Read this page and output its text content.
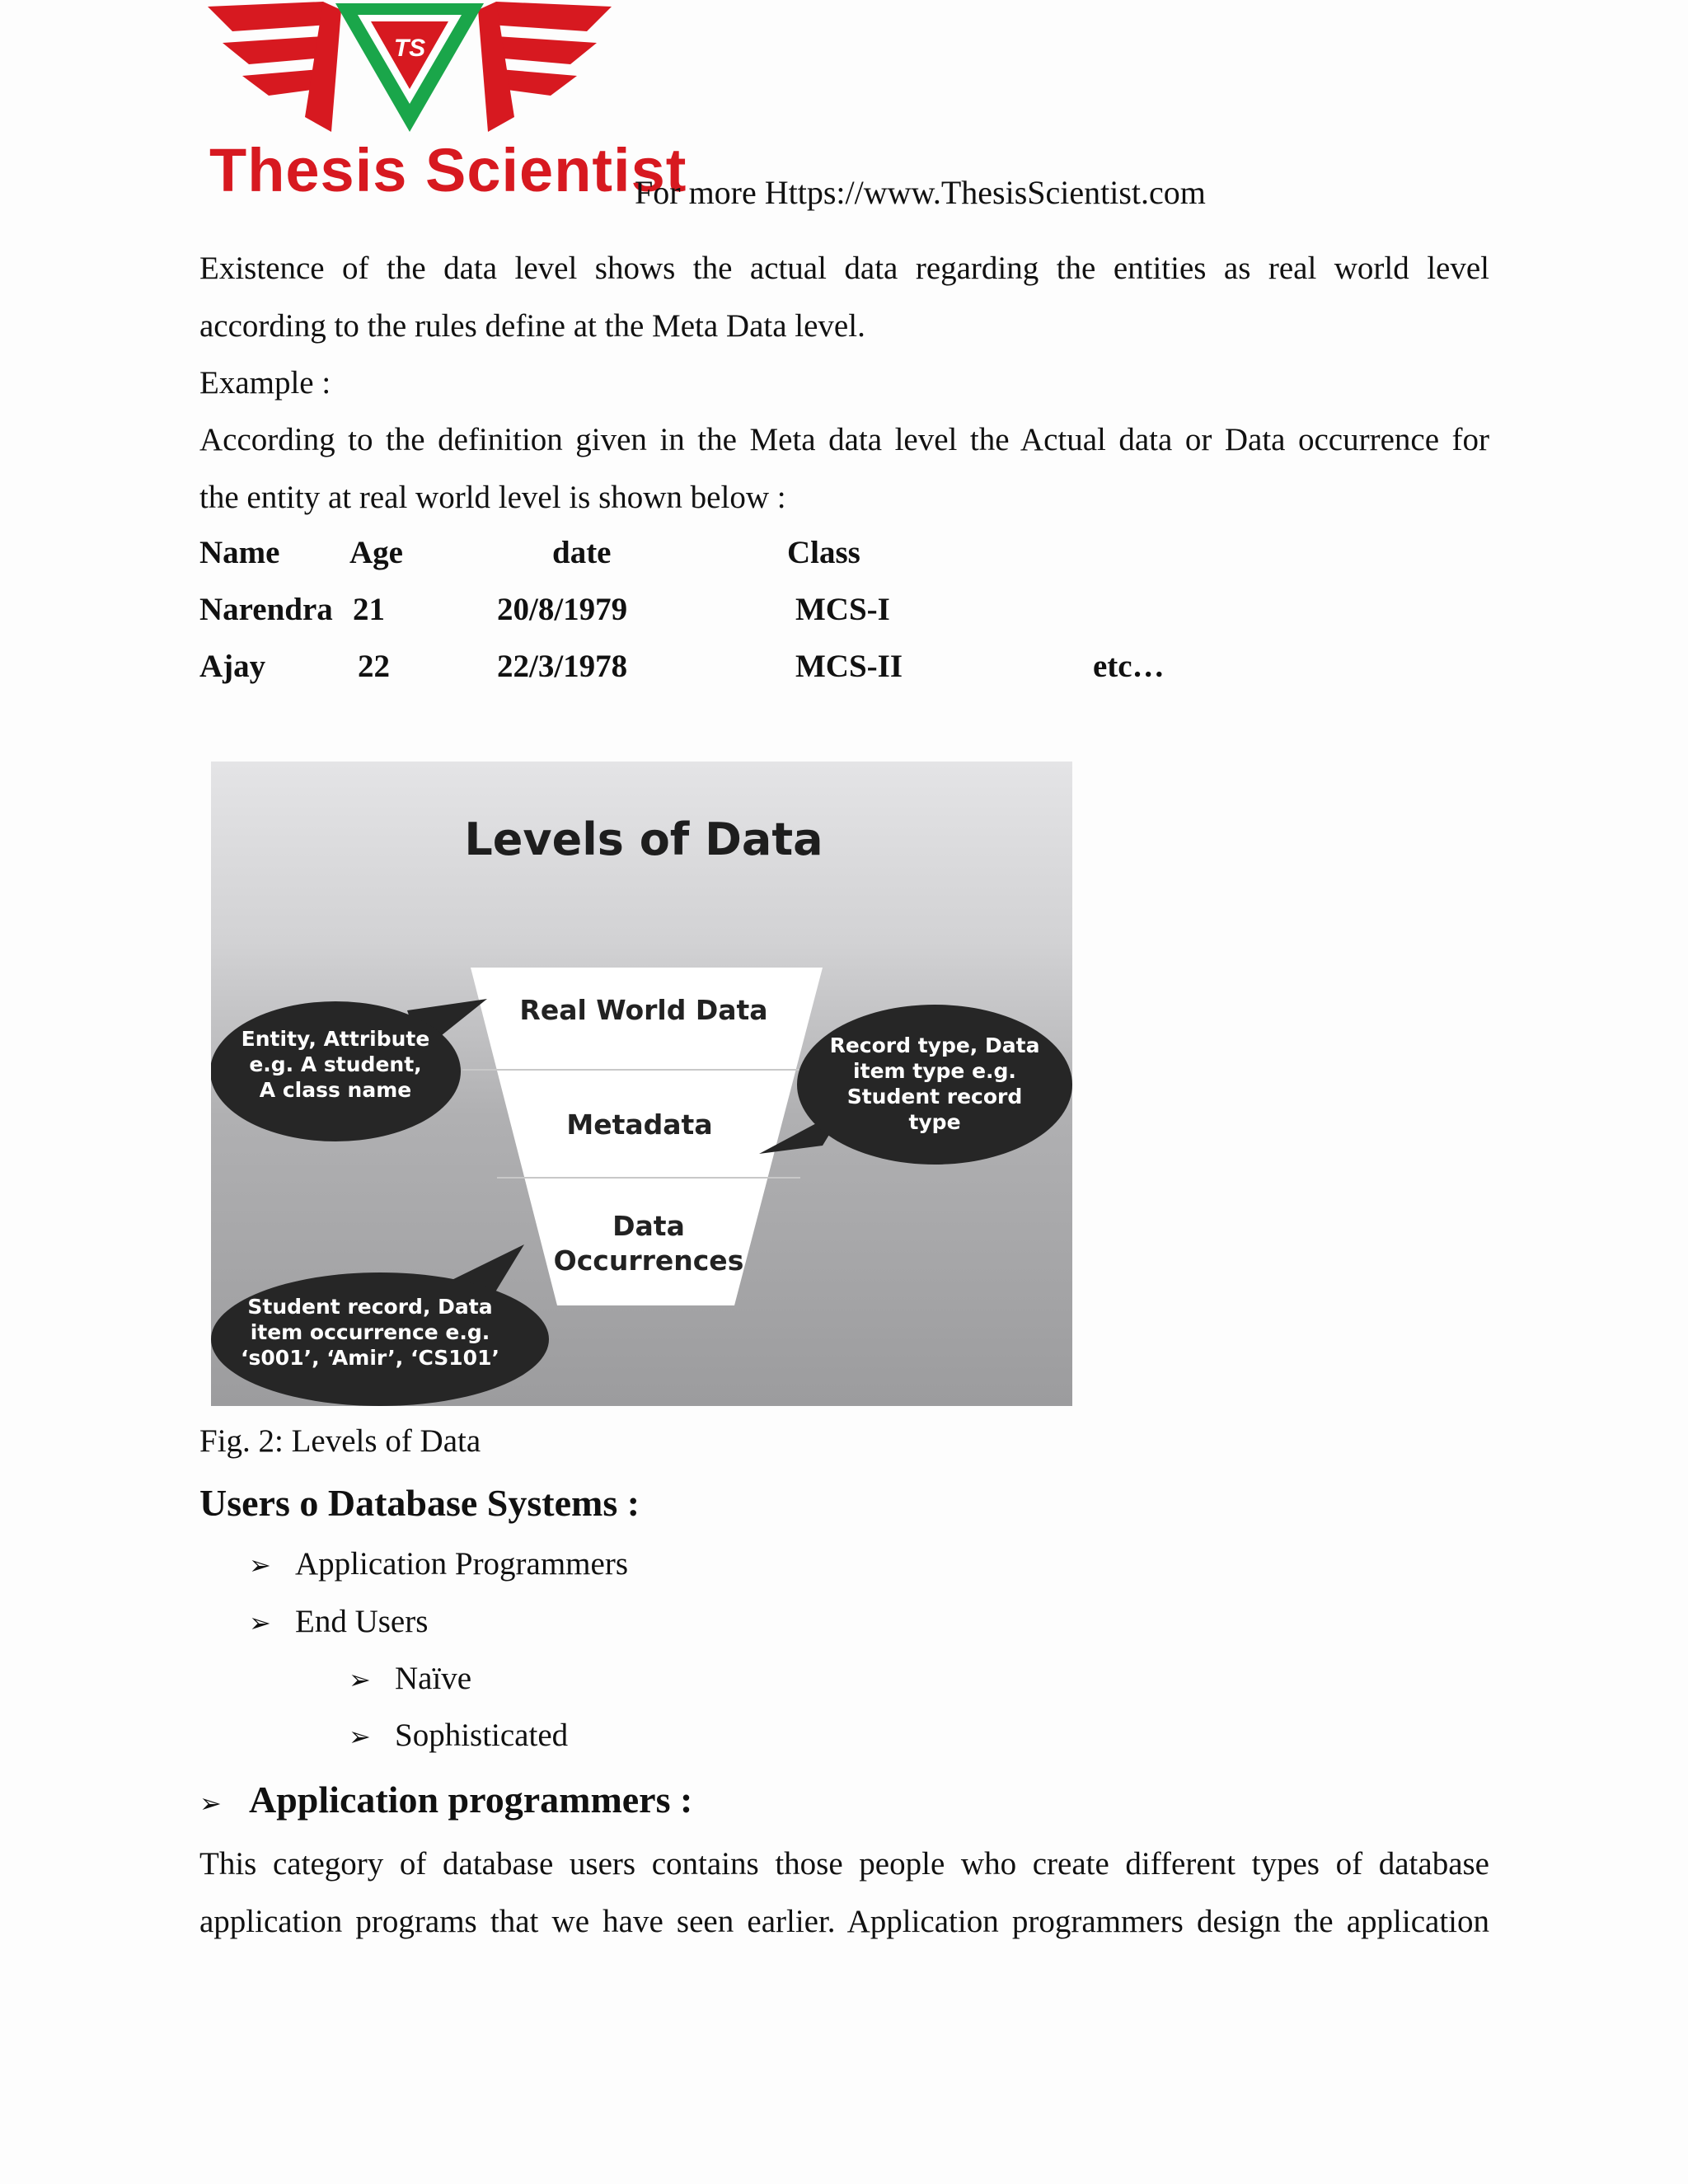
TS
Thesis Scientist
For more Https://www.ThesisScientist.com
Existence of the data level shows the actual data regarding the entities as real world level
according to the rules define at the Meta Data level.
Example :
According to the definition given in the Meta data level the Actual data or Data occurrence for
the entity at real world level is shown below :
Name Age	date	Class
Narendra 21	20/8/1979	MCS-I
Ajay	22	22/3/1978	MCS-II	etc…
Levels of Data
Real World Data
Metadata
Data
Occurrences
Entity, Attribute
e.g. A student,
A class name
Record type, Data
item type e.g.
Student record
type
Student record, Data
item occurrence e.g.
‘s001’, ‘Amir’, ‘CS101’
Fig. 2: Levels of Data
Users o Database Systems :
➢ Application Programmers
➢ End Users
➢ Naïve
➢ Sophisticated
➢ Application programmers :
This category of database users contains those people who create different types of database
application programs that we have seen earlier. Application programmers design the application
